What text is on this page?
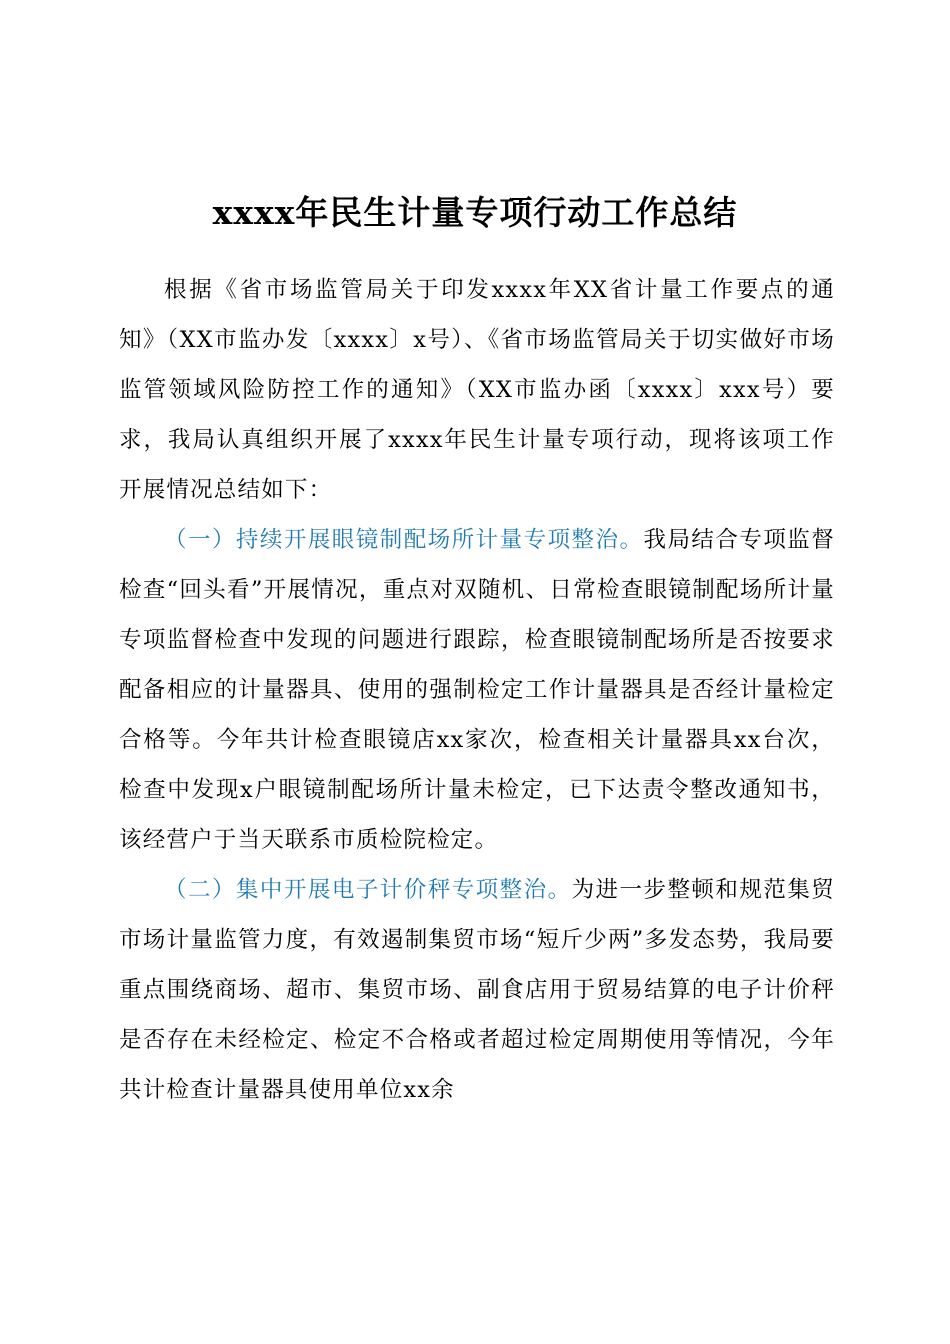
xxxx年民生计量专项行动工作总结

根据《省市场监管局关于印发xxxx年XX省计量工作要点的通知》（XX市监办发〔xxxx〕x号）、《省市场监管局关于切实做好市场监管领域风险防控工作的通知》（XX市监办函〔xxxx〕xxx号）要求，我局认真组织开展了xxxx年民生计量专项行动，现将该项工作开展情况总结如下：

（一）持续开展眼镜制配场所计量专项整治。我局结合专项监督检查“回头看”开展情况，重点对双随机、日常检查眼镜制配场所计量专项监督检查中发现的问题进行跟踪，检查眼镜制配场所是否按要求配备相应的计量器具、使用的强制检定工作计量器具是否经计量检定合格等。今年共计检查眼镜店xx家次，检查相关计量器具xx台次，检查中发现x户眼镜制配场所计量未检定，已下达责令整改通知书，该经营户于当天联系市质检院检定。

（二）集中开展电子计价秤专项整治。为进一步整顿和规范集贸市场计量监管力度，有效遏制集贸市场“短斤少两”多发态势，我局要重点围绕商场、超市、集贸市场、副食店用于贸易结算的电子计价秤是否存在未经检定、检定不合格或者超过检定周期使用等情况，今年共计检查计量器具使用单位xx余
